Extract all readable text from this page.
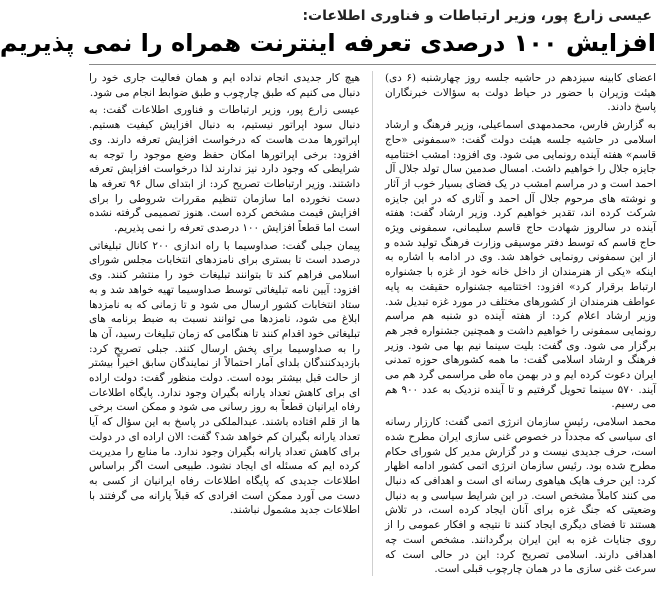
عیسی زارع پور، وزیر ارتباطات و فناوری اطلاعات:
افزایش ۱۰۰ درصدی تعرفه اینترنت همراه را نمی پذیریم

اعضای کابینه سیزدهم در حاشیه جلسه روز چهارشنبه (۶ دی) هیئت وزیران با حضور در حیاط دولت به سؤالات خبرنگاران پاسخ دادند.

به گزارش فارس، محمدمهدی اسماعیلی، وزیر فرهنگ و ارشاد اسلامی در حاشیه جلسه هیئت دولت گفت: «سمفونی «حاج قاسم» هفته آینده رونمایی می شود. وی افزود: امشب اختتامیه جایزه جلال را خواهیم داشت. امسال صدمین سال تولد جلال آل احمد است و در مراسم امشب در یک فضای بسیار خوب از آثار و نوشته های مرحوم جلال آل احمد و آثاری که در این جایزه شرکت کرده اند، تقدیر خواهیم کرد. وزیر ارشاد گفت: هفته آینده در سالروز شهادت حاج قاسم سلیمانی، سمفونی ویژه حاج قاسم که توسط دفتر موسیقی وزارت فرهنگ تولید شده و از این سمفونی رونمایی خواهد شد. وی در ادامه با اشاره به اینکه «یکی از هنرمندان از داخل خانه خود از غزه با جشنواره ارتباط برقرار کرد» افزود: اختتامیه جشنواره حقیقت به پایه عواطف هنرمندان از کشورهای مختلف در مورد غزه تبدیل شد. وزیر ارشاد اعلام کرد: از هفته آینده دو شنبه هم مراسم رونمایی سمفونی را خواهیم داشت و همچنین جشنواره فجر هم برگزار می شود. وی گفت: بلیت سینما نیم بها می شود. وزیر فرهنگ و ارشاد اسلامی گفت: ما همه کشورهای حوزه تمدنی ایران دعوت کرده ایم و در بهمن ماه طی مراسمی گرد هم می آیند. ۵۷۰ سینما تحویل گرفتیم و تا آینده نزدیک به عدد ۹۰۰ هم می رسیم.

محمد اسلامی، رئیس سازمان انرژی اتمی گفت: کارزار رسانه ای سیاسی که مجدداً در خصوص غنی سازی ایران مطرح شده است، حرف جدیدی نیست و در گزارش مدیر کل شورای حکام مطرح شده بود. رئیس سازمان انرژی اتمی کشور ادامه اظهار کرد: این حرف هایک هیاهوی رسانه ای است و اهدافی که دنبال می کنند کاملاً مشخص است. در این شرایط سیاسی و به دنبال وضعیتی که جنگ غزه برای آنان ایجاد کرده است، در تلاش هستند تا فضای دیگری ایجاد کنند تا نتیجه و افکار عمومی را از روی جنایات غزه به این ایران برگردانند. مشخص است چه اهدافی دارند. اسلامی تصریح کرد: این در حالی است که سرعت غنی سازی ما در همان چارچوب قبلی است.

هیچ کار جدیدی انجام نداده ایم و همان فعالیت جاری خود را دنبال می کنیم که طبق چارچوب و طبق ضوابط انجام می شود.

عیسی زارع پور، وزیر ارتباطات و فناوری اطلاعات گفت: به دنبال سود اپراتور نیستیم، به دنبال افزایش کیفیت هستیم. اپراتورها مدت هاست که درخواست افزایش تعرفه دارند. وی افزود: برخی اپراتورها امکان حفظ وضع موجود را توجه به شرایطی که وجود دارد نیز ندارند لذا درخواست افزایش تعرفه داشتند. وزیر ارتباطات تصریح کرد: از ابتدای سال ۹۶ تعرفه ها دست نخورده اما سازمان تنظیم مقررات شروطی را برای افزایش قیمت مشخص کرده است. هنوز تصمیمی گرفته نشده است اما قطعاً افزایش ۱۰۰ درصدی تعرفه را نمی پذیریم.

پیمان جبلی گفت: صداوسیما با راه اندازی ۲۰۰ کانال تبلیغاتی درصدد است تا بستری برای نامزدهای انتخابات مجلس شورای اسلامی فراهم کند تا بتوانند تبلیغات خود را منتشر کنند. وی افزود: آیین نامه تبلیغاتی توسط صداوسیما تهیه خواهد شد و به ستاد انتخابات کشور ارسال می شود و تا زمانی که به نامزدها ابلاغ می شود، نامزدها می توانند نسبت به ضبط برنامه های تبلیغاتی خود اقدام کنند تا هنگامی که زمان تبلیغات رسید، آن ها را به صداوسیما برای پخش ارسال کنند. جبلی تصریح کرد: بازدیدکنندگان بلدای آمار احتمالاً از نمایندگان سابق اخیراً بیشتر از حالت قبل بیشتر بوده است. دولت منظور گفت: دولت اراده ای برای کاهش تعداد یارانه بگیران وجود ندارد. پایگاه اطلاعات رفاه ایرانیان قطعاً به روز رسانی می شود و ممکن است برخی ها از قلم افتاده باشند. عبدالملکی در پاسخ به این سؤال که آیا تعداد یارانه بگیران کم خواهد شد؟ گفت: الان اراده ای در دولت برای کاهش تعداد یارانه بگیران وجود ندارد. ما منابع را مدیریت کرده ایم که مسئله ای ایجاد نشود. طبیعی است اگر براساس اطلاعات جدیدی که پایگاه اطلاعات رفاه ایرانیان از کسی به دست می آورد ممکن است افرادی که قبلاً یارانه می گرفتند با اطلاعات جدید مشمول نباشند.
